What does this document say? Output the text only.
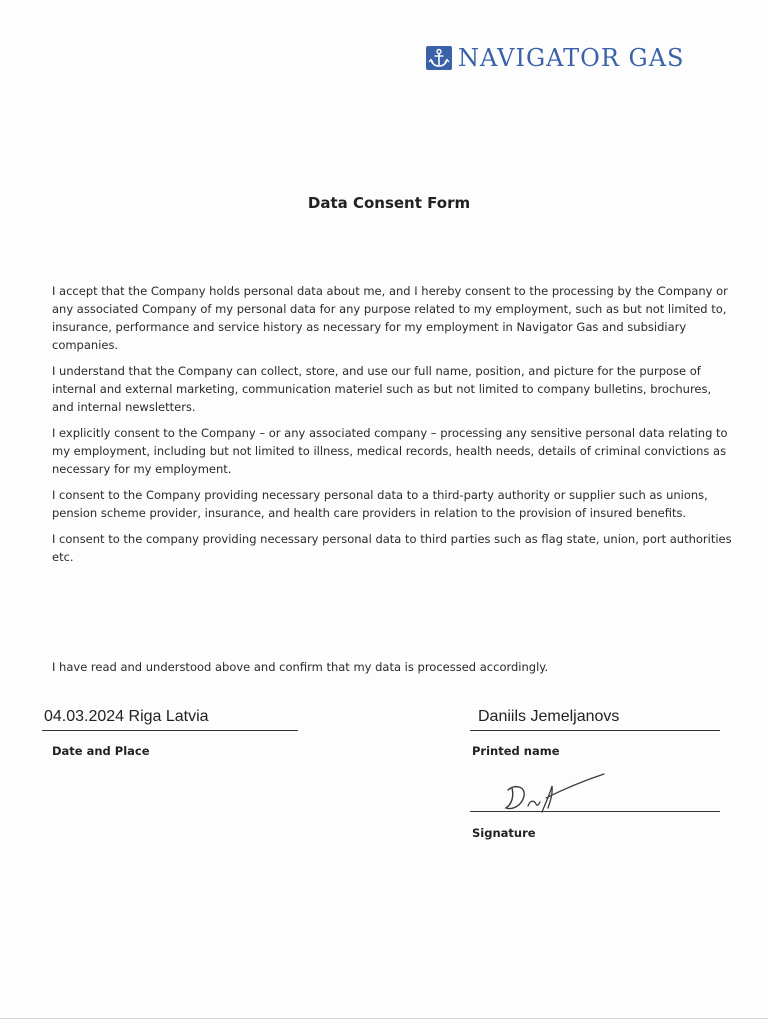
NAVIGATOR GAS
Data Consent Form

I accept that the Company holds personal data about me, and I hereby consent to the processing by the Company or any associated Company of my personal data for any purpose related to my employment, such as but not limited to, insurance, performance and service history as necessary for my employment in Navigator Gas and subsidiary companies.

I understand that the Company can collect, store, and use our full name, position, and picture for the purpose of internal and external marketing, communication materiel such as but not limited to company bulletins, brochures, and internal newsletters.

I explicitly consent to the Company – or any associated company – processing any sensitive personal data relating to my employment, including but not limited to illness, medical records, health needs, details of criminal convictions as necessary for my employment.

I consent to the Company providing necessary personal data to a third-party authority or supplier such as unions, pension scheme provider, insurance, and health care providers in relation to the provision of insured benefits.

I consent to the company providing necessary personal data to third parties such as flag state, union, port authorities etc.

I have read and understood above and confirm that my data is processed accordingly.
04.03.2024 Riga Latvia
Date and Place
Daniils Jemeljanovs
Printed name
Signature
